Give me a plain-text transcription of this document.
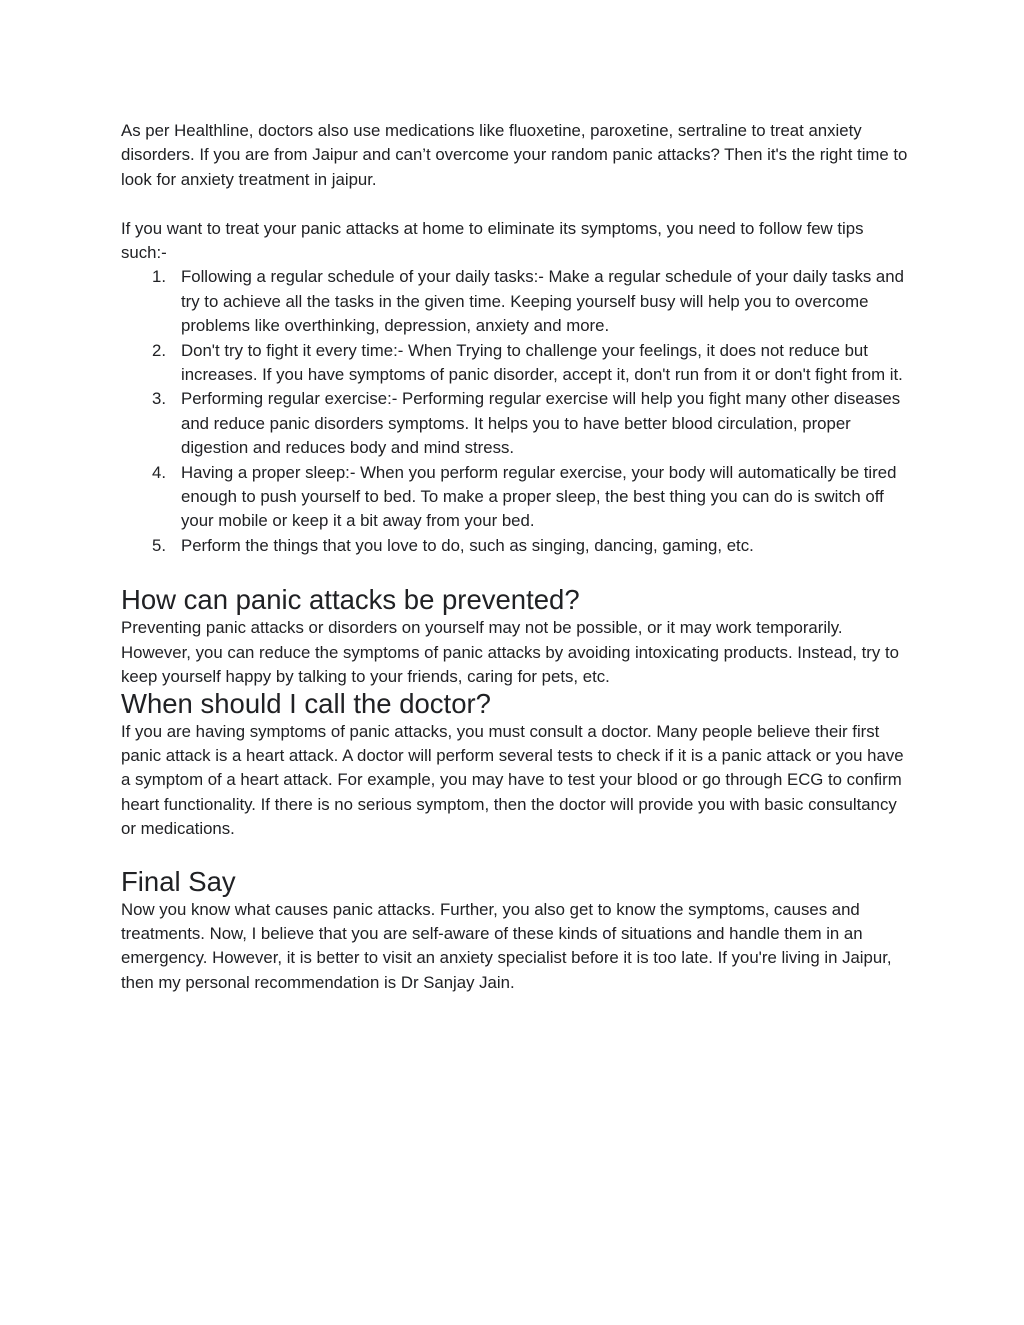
As per Healthline, doctors also use medications like fluoxetine, paroxetine, sertraline to treat anxiety disorders. If you are from Jaipur and can’t overcome your random panic attacks? Then it's the right time to look for anxiety treatment in jaipur.

If you want to treat your panic attacks at home to eliminate its symptoms, you need to follow few tips such:-

1. Following a regular schedule of your daily tasks:- Make a regular schedule of your daily tasks and try to achieve all the tasks in the given time. Keeping yourself busy will help you to overcome problems like overthinking, depression, anxiety and more.
2. Don't try to fight it every time:- When Trying to challenge your feelings, it does not reduce but increases. If you have symptoms of panic disorder, accept it, don't run from it or don't fight from it.
3. Performing regular exercise:- Performing regular exercise will help you fight many other diseases and reduce panic disorders symptoms. It helps you to have better blood circulation, proper digestion and reduces body and mind stress.
4. Having a proper sleep:- When you perform regular exercise, your body will automatically be tired enough to push yourself to bed. To make a proper sleep, the best thing you can do is switch off your mobile or keep it a bit away from your bed.
5. Perform the things that you love to do, such as singing, dancing, gaming, etc.
How can panic attacks be prevented?

Preventing panic attacks or disorders on yourself may not be possible, or it may work temporarily. However, you can reduce the symptoms of panic attacks by avoiding intoxicating products. Instead, try to keep yourself happy by talking to your friends, caring for pets, etc.

When should I call the doctor?

If you are having symptoms of panic attacks, you must consult a doctor. Many people believe their first panic attack is a heart attack. A doctor will perform several tests to check if it is a panic attack or you have a symptom of a heart attack. For example, you may have to test your blood or go through ECG to confirm heart functionality. If there is no serious symptom, then the doctor will provide you with basic consultancy or medications.

Final Say

Now you know what causes panic attacks. Further, you also get to know the symptoms, causes and treatments. Now, I believe that you are self-aware of these kinds of situations and handle them in an emergency. However, it is better to visit an anxiety specialist before it is too late. If you're living in Jaipur, then my personal recommendation is Dr Sanjay Jain.
